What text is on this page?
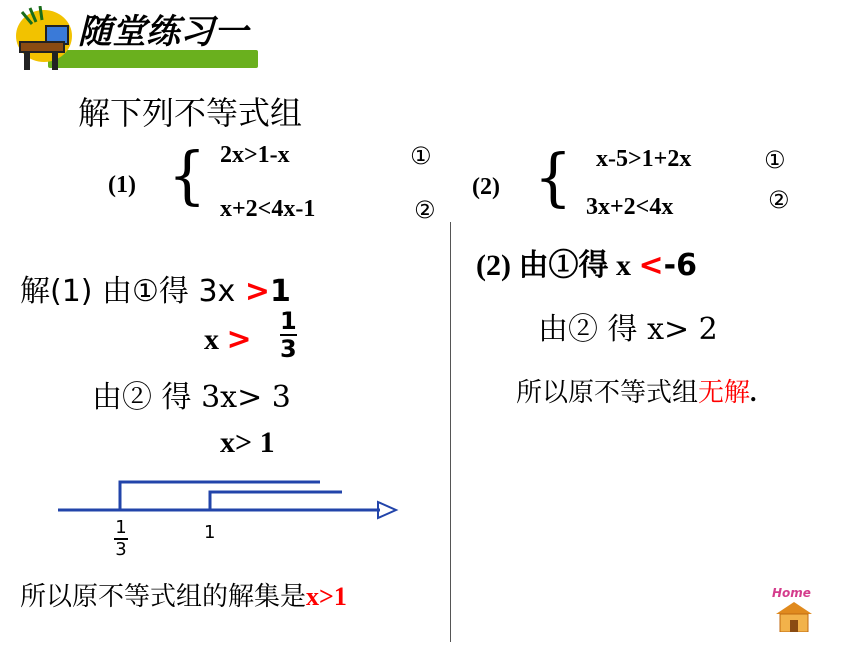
随堂练习一
解下列不等式组
(1) { 2x>1-x
x+2<4x-1
①
②
(2) { x-5>1+2x
3x+2<4x
①
②
解(1) 由①得 3x >1
x >
1
3
由② 得 3x> 3
x> 1
1
3
1
所以原不等式组的解集是x>1
(2) 由①得 x <-6
由② 得 x> 2
所以原不等式组无解.
Home
